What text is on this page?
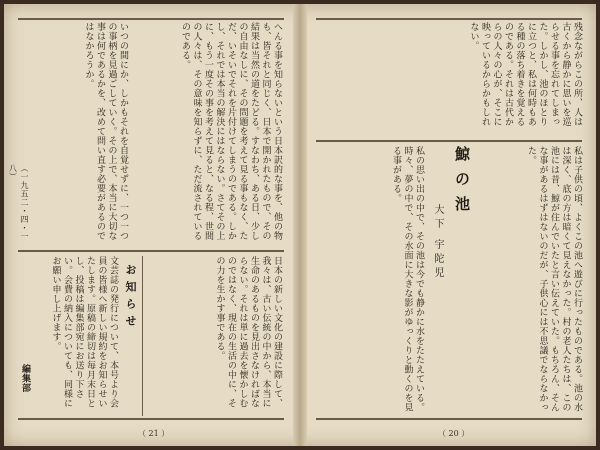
へんる事を知らないという日本訳的な事を、他の物も、皆それと同じく、日本で開かれたもので、その結果は当然の道をたどる。すなわち、ある日、少しの自由なしに、その問題を考えて見る事もなく、ただ、いそいでそれを片付けてしまうのである。しかし、それでは本当の解決にはならない。さてその上に、もう一度その事を考えて見ると、なる程、世間の人々は、その意味を知らずに、ただ流されているのである。
いつの間にか、しかもそれを自覚せずに、一つ一つの事柄を見過ごしていく。その上で、本当に大切な事は何であるかを、改めて問い直す必要があるのではなかろうか。
（一九五二・四・一八）
日本の新しい文化の建設に際して、我々は、古い伝統の中から、本当に生命のあるものを見出さなければならない。それは単に過去を懐かしむのではなく、現在の生活の中に、その力を生かす事である。
お知らせ
文芸誌の発行について、本号より会員の皆様へ新しい規約をお知らせいたします。原稿の締切は毎月末日とし、投稿は編集部宛にお送り下さい。会費の納入についても、同様にお願い申し上げます。
編集部
（ 21 ）
残念ながらこの所、人は古くから静かに思いを巡らせる事を忘れてしまった。しかし、池のほとりに立つと、私は何時もある種の落ち着きを覚えるのである。それは古代からの人々の心が、そこに映っているからかもしれない。
鯨の池
大下 宇陀児	私は子供の頃、よくこの池へ遊びに行ったものである。池の水は深く、底の方は暗くて見えなかった。村の老人たちは、この池には昔、鯨が住んでいたと言い伝えていた。もちろん、そんな事があるはずはないのだが、子供心には不思議でならなかった。
私の思い出の中で、その池は今でも静かに水をたたえている。時々、夢の中で、その水面に大きな影がゆっくりと動くのを見る事がある。
（ 20 ）
